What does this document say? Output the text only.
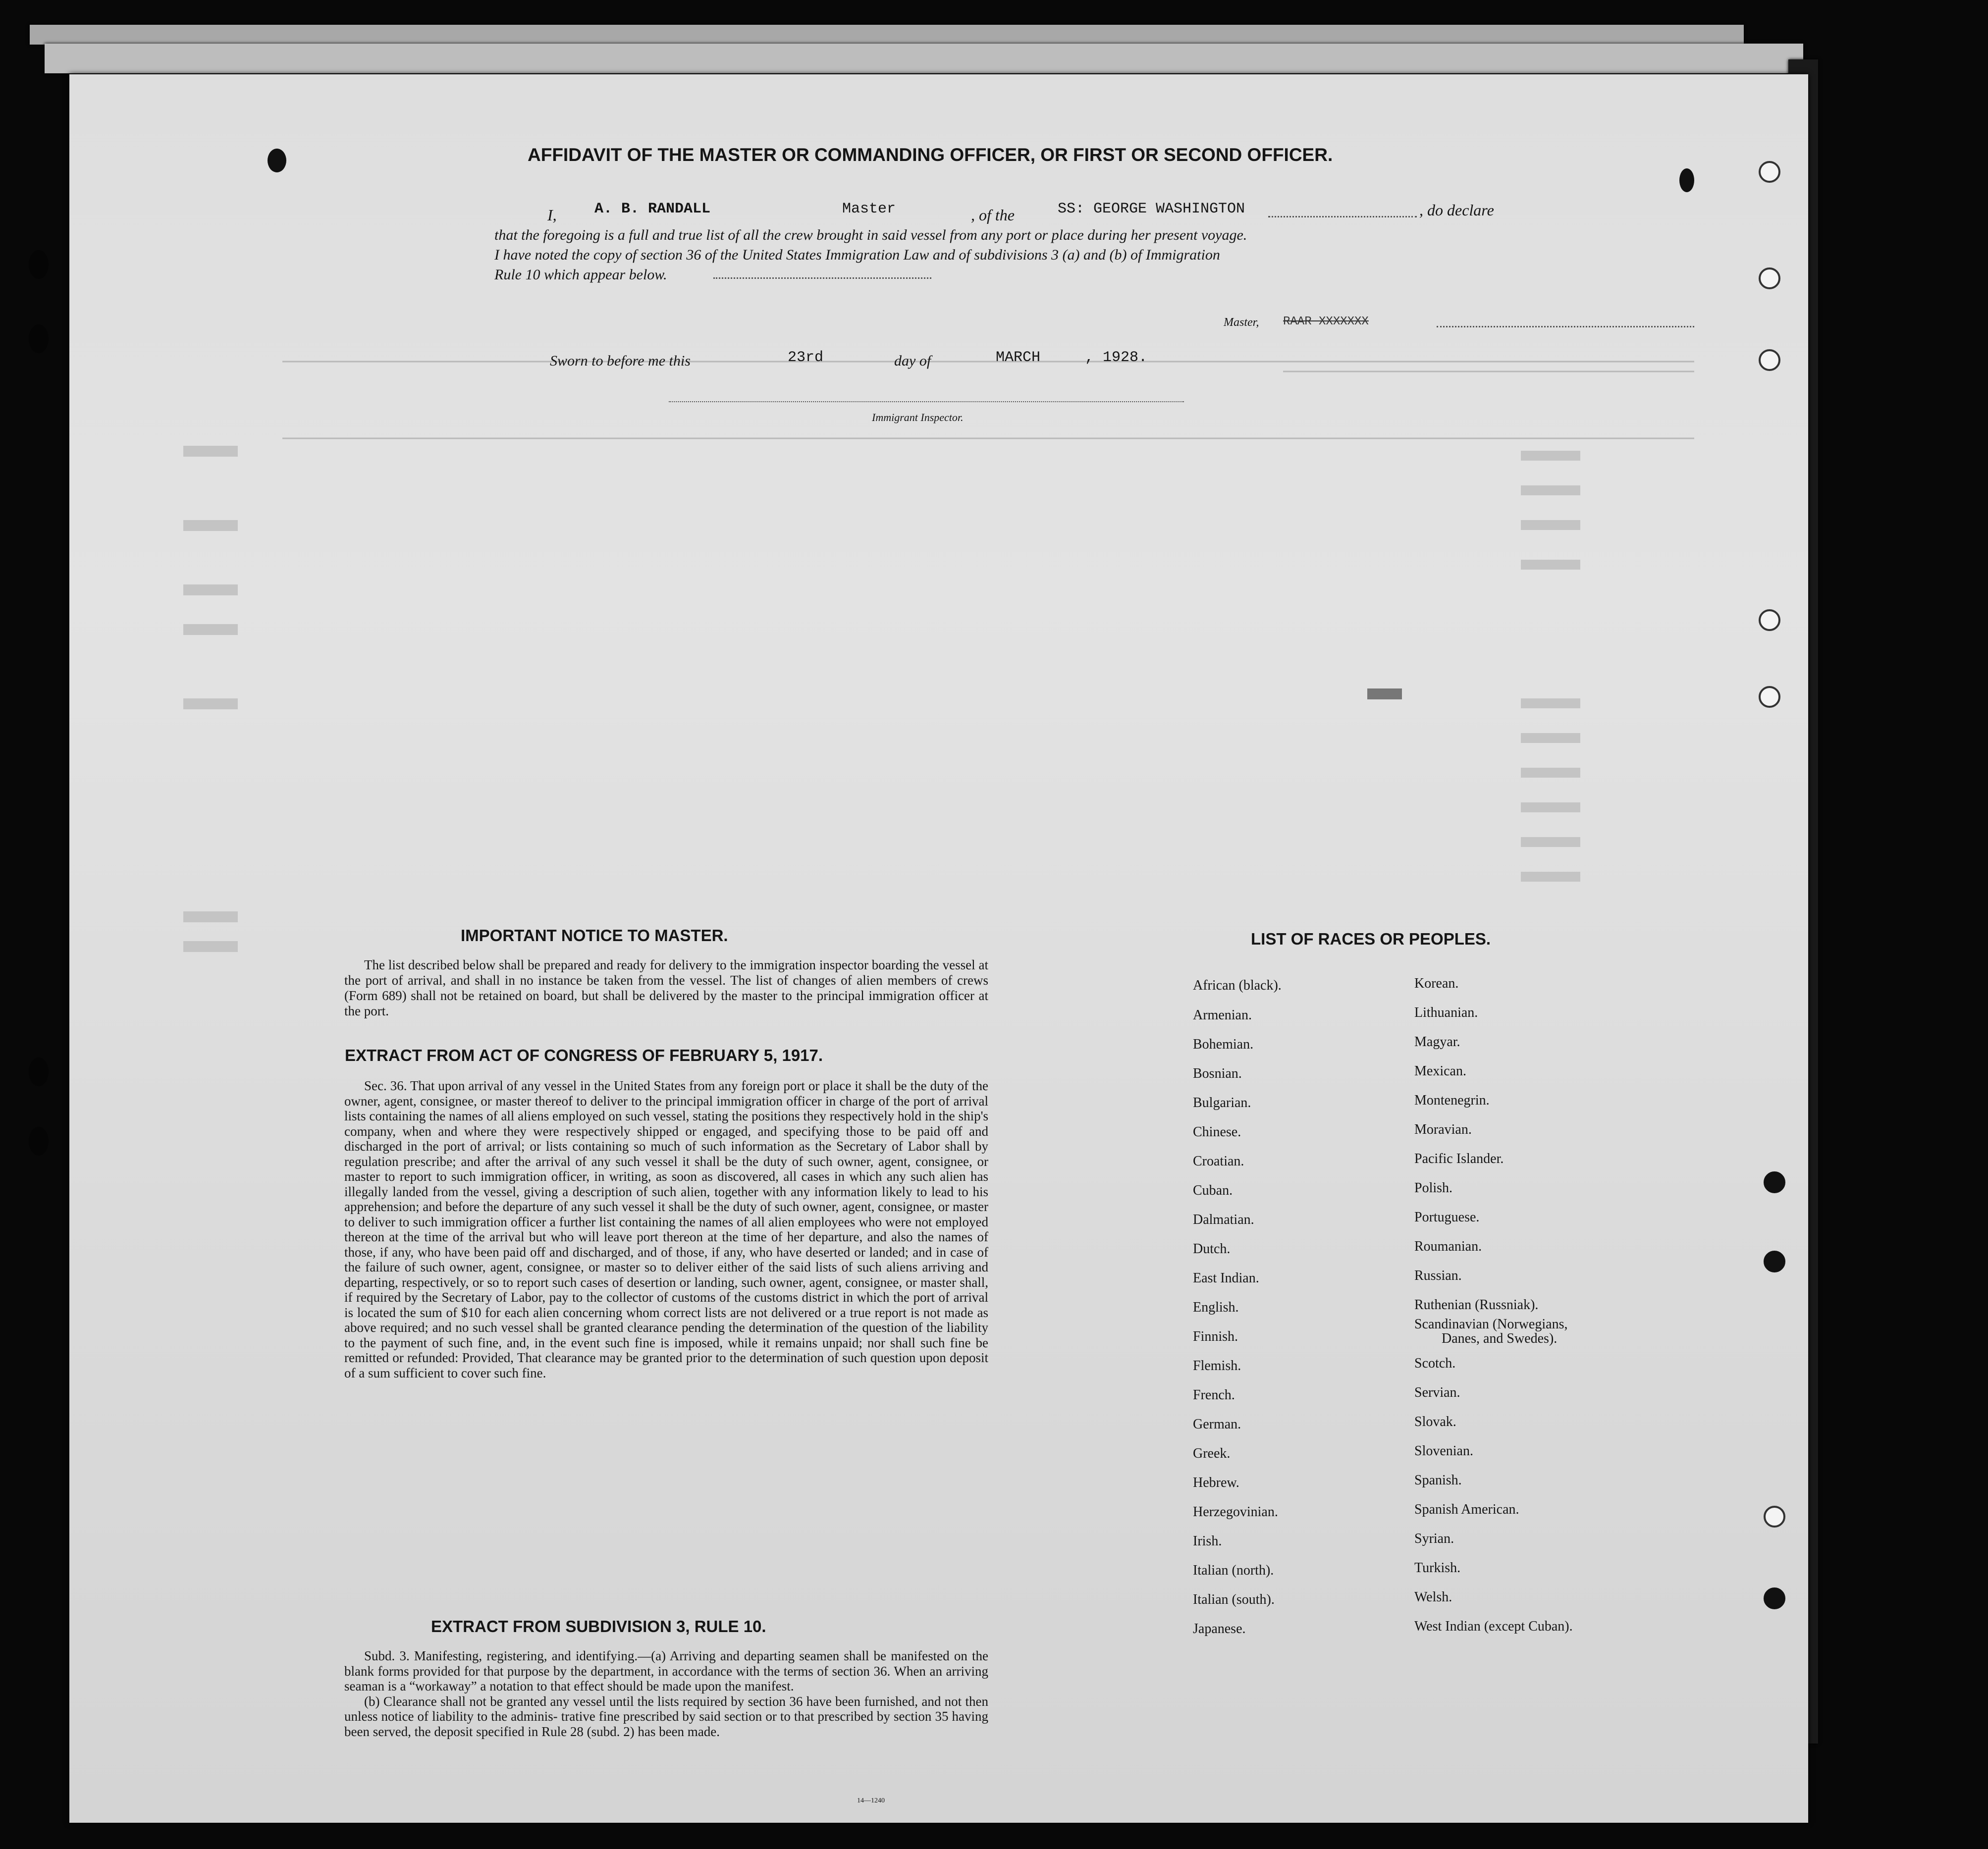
AFFIDAVIT OF THE MASTER OR COMMANDING OFFICER, OR FIRST OR SECOND OFFICER.
I,	A. B. RANDALL	Master	, of the	SS: GEORGE WASHINGTON	, do declare
that the foregoing is a full and true list of all the crew brought in said vessel from any port or place during her present voyage.
I have noted the copy of section 36 of the United States Immigration Law and of subdivisions 3 (a) and (b) of Immigration
Rule 10 which appear below.
Master, RAAR XXXXXXX
Sworn to before me this	23rd	day of	MARCH	, 1928.
Immigrant Inspector.
IMPORTANT NOTICE TO MASTER.
The list described below shall be prepared and ready for delivery to the immigration inspector boarding the vessel at the port of arrival, and shall in no instance be taken from the vessel. The list of changes of alien members of crews (Form 689) shall not be retained on board, but shall be delivered by the master to the principal immigration officer at the port.
EXTRACT FROM ACT OF CONGRESS OF FEBRUARY 5, 1917.
Sec. 36. That upon arrival of any vessel in the United States from any foreign port or place it shall be the duty of the owner, agent, consignee, or master thereof to deliver to the principal immigration officer in charge of the port of arrival lists containing the names of all aliens employed on such vessel, stating the positions they respectively hold in the ship's company, when and where they were respectively shipped or engaged, and specifying those to be paid off and discharged in the port of arrival; or lists containing so much of such information as the Secretary of Labor shall by regulation prescribe; and after the arrival of any such vessel it shall be the duty of such owner, agent, consignee, or master to report to such immigration officer, in writing, as soon as discovered, all cases in which any such alien has illegally landed from the vessel, giving a description of such alien, together with any information likely to lead to his apprehension; and before the departure of any such vessel it shall be the duty of such owner, agent, consignee, or master to deliver to such immigration officer a further list containing the names of all alien employees who were not employed thereon at the time of the arrival but who will leave port thereon at the time of her departure, and also the names of those, if any, who have been paid off and discharged, and of those, if any, who have deserted or landed; and in case of the failure of such owner, agent, consignee, or master so to deliver either of the said lists of such aliens arriving and departing, respectively, or so to report such cases of desertion or landing, such owner, agent, consignee, or master shall, if required by the Secretary of Labor, pay to the collector of customs of the customs district in which the port of arrival is located the sum of $10 for each alien concerning whom correct lists are not delivered or a true report is not made as above required; and no such vessel shall be granted clearance pending the determination of the question of the liability to the payment of such fine, and, in the event such fine is imposed, while it remains unpaid; nor shall such fine be remitted or refunded: Provided, That clearance may be granted prior to the determination of such question upon deposit of a sum sufficient to cover such fine.
EXTRACT FROM SUBDIVISION 3, RULE 10.
Subd. 3. Manifesting, registering, and identifying.—(a) Arriving and departing seamen shall be manifested on the blank forms provided for that purpose by the department, in accordance with the terms of section 36. When an arriving seaman is a “workaway” a notation to that effect should be made upon the manifest.
(b) Clearance shall not be granted any vessel until the lists required by section 36 have been furnished, and not then unless notice of liability to the adminis- trative fine prescribed by said section or to that prescribed by section 35 having been served, the deposit specified in Rule 28 (subd. 2) has been made.
14—1240
LIST OF RACES OR PEOPLES.
African (black).
Armenian.
Bohemian.
Bosnian.
Bulgarian.
Chinese.
Croatian.
Cuban.
Dalmatian.
Dutch.
East Indian.
English.
Finnish.
Flemish.
French.
German.
Greek.
Hebrew.
Herzegovinian.
Irish.
Italian (north).
Italian (south).
Japanese.
Korean.
Lithuanian.
Magyar.
Mexican.
Montenegrin.
Moravian.
Pacific Islander.
Polish.
Portuguese.
Roumanian.
Russian.
Ruthenian (Russniak).
Scandinavian (Norwegians,
Danes, and Swedes).
Scotch.
Servian.
Slovak.
Slovenian.
Spanish.
Spanish American.
Syrian.
Turkish.
Welsh.
West Indian (except Cuban).
